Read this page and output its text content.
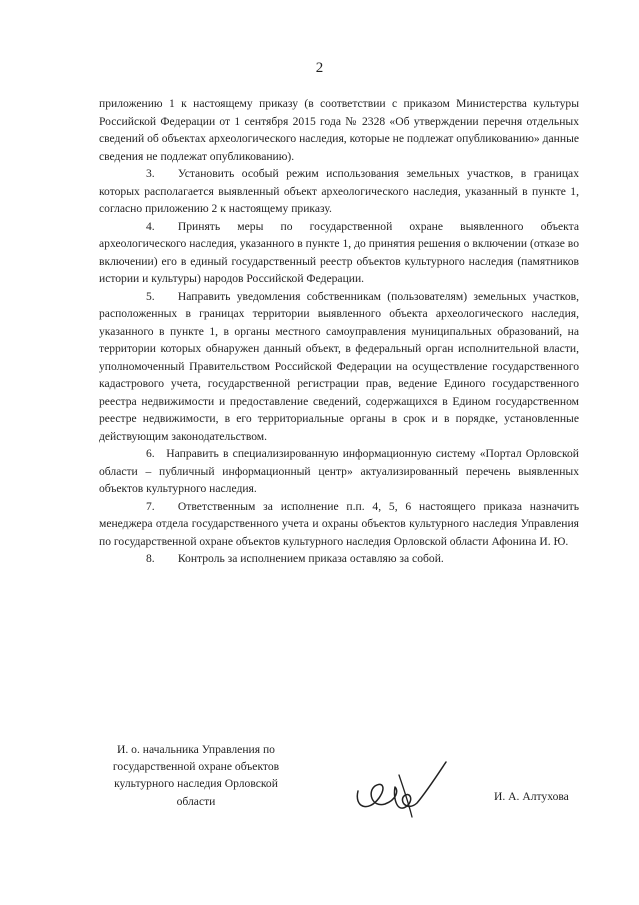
2

приложению 1 к настоящему приказу (в соответствии с приказом Министерства культуры Российской Федерации от 1 сентября 2015 года № 2328 «Об утверждении перечня отдельных сведений об объектах археологического наследия, которые не подлежат опубликованию» данные сведения не подлежат опубликованию).

3.  Установить особый режим использования земельных участков, в границах которых располагается выявленный объект археологического наследия, указанный в пункте 1, согласно приложению 2 к настоящему приказу.

4.  Принять меры по государственной охране выявленного объекта археологического наследия, указанного в пункте 1, до принятия решения о включении (отказе во включении) его в единый государственный реестр объектов культурного наследия (памятников истории и культуры) народов Российской Федерации.

5.  Направить уведомления собственникам (пользователям) земельных участков, расположенных в границах территории выявленного объекта археологического наследия, указанного в пункте 1, в органы местного самоуправления муниципальных образований, на территории которых обнаружен данный объект, в федеральный орган исполнительной власти, уполномоченный Правительством Российской Федерации на осуществление государственного кадастрового учета, государственной регистрации прав, ведение Единого государственного реестра недвижимости и предоставление сведений, содержащихся в Едином государственном реестре недвижимости, в его территориальные органы в срок и в порядке, установленные действующим законодательством.

6. Направить в специализированную информационную систему «Портал Орловской области – публичный информационный центр» актуализированный перечень выявленных объектов культурного наследия.

7.  Ответственным за исполнение п.п. 4, 5, 6 настоящего приказа назначить менеджера отдела государственного учета и охраны объектов культурного наследия Управления по государственной охране объектов культурного наследия Орловской области Афонина И. Ю.

8.  Контроль за исполнением приказа оставляю за собой.

И. о. начальника Управления по государственной охране объектов культурного наследия Орловской области	И. А. Алтухова
